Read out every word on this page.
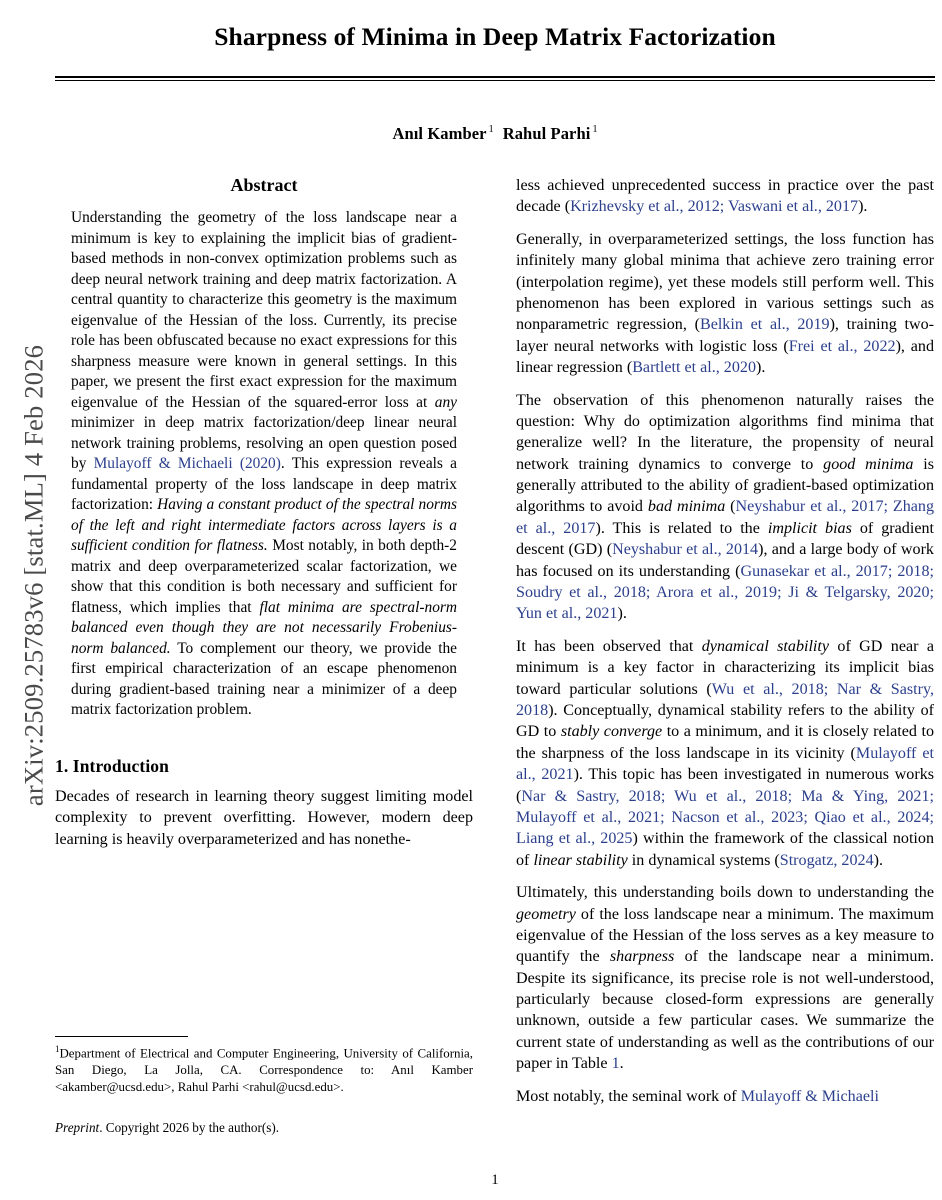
arXiv:2509.25783v6 [stat.ML] 4 Feb 2026
Sharpness of Minima in Deep Matrix Factorization
Anıl Kamber $^1$ Rahul Parhi $^1$
Abstract

Understanding the geometry of the loss landscape near a minimum is key to explaining the implicit bias of gradient-based methods in non-convex optimization problems such as deep neural network training and deep matrix factorization. A central quantity to characterize this geometry is the maximum eigenvalue of the Hessian of the loss. Currently, its precise role has been obfuscated because no exact expressions for this sharpness measure were known in general settings. In this paper, we present the first exact expression for the maximum eigenvalue of the Hessian of the squared-error loss at any minimizer in deep matrix factorization/deep linear neural network training problems, resolving an open question posed by Mulayoff & Michaeli (2020). This expression reveals a fundamental property of the loss landscape in deep matrix factorization: Having a constant product of the spectral norms of the left and right intermediate factors across layers is a sufficient condition for flatness. Most notably, in both depth-2 matrix and deep overparameterized scalar factorization, we show that this condition is both necessary and sufficient for flatness, which implies that flat minima are spectral-norm balanced even though they are not necessarily Frobenius-norm balanced. To complement our theory, we provide the first empirical characterization of an escape phenomenon during gradient-based training near a minimizer of a deep matrix factorization problem.

1. Introduction

Decades of research in learning theory suggest limiting model complexity to prevent overfitting. However, modern deep learning is heavily overparameterized and has nonethe-

less achieved unprecedented success in practice over the past decade (Krizhevsky et al., 2012; Vaswani et al., 2017).

Generally, in overparameterized settings, the loss function has infinitely many global minima that achieve zero training error (interpolation regime), yet these models still perform well. This phenomenon has been explored in various settings such as nonparametric regression, (Belkin et al., 2019), training two-layer neural networks with logistic loss (Frei et al., 2022), and linear regression (Bartlett et al., 2020).

The observation of this phenomenon naturally raises the question: Why do optimization algorithms find minima that generalize well? In the literature, the propensity of neural network training dynamics to converge to good minima is generally attributed to the ability of gradient-based optimization algorithms to avoid bad minima (Neyshabur et al., 2017; Zhang et al., 2017). This is related to the implicit bias of gradient descent (GD) (Neyshabur et al., 2014), and a large body of work has focused on its understanding (Gunasekar et al., 2017; 2018; Soudry et al., 2018; Arora et al., 2019; Ji & Telgarsky, 2020; Yun et al., 2021).

It has been observed that dynamical stability of GD near a minimum is a key factor in characterizing its implicit bias toward particular solutions (Wu et al., 2018; Nar & Sastry, 2018). Conceptually, dynamical stability refers to the ability of GD to stably converge to a minimum, and it is closely related to the sharpness of the loss landscape in its vicinity (Mulayoff et al., 2021). This topic has been investigated in numerous works (Nar & Sastry, 2018; Wu et al., 2018; Ma & Ying, 2021; Mulayoff et al., 2021; Nacson et al., 2023; Qiao et al., 2024; Liang et al., 2025) within the framework of the classical notion of linear stability in dynamical systems (Strogatz, 2024).

Ultimately, this understanding boils down to understanding the geometry of the loss landscape near a minimum. The maximum eigenvalue of the Hessian of the loss serves as a key measure to quantify the sharpness of the landscape near a minimum. Despite its significance, its precise role is not well-understood, particularly because closed-form expressions are generally unknown, outside a few particular cases. We summarize the current state of understanding as well as the contributions of our paper in Table 1.

Most notably, the seminal work of Mulayoff & Michaeli

$^1$Department of Electrical and Computer Engineering, University of California, San Diego, La Jolla, CA. Correspondence to: Anıl Kamber <akamber@ucsd.edu>, Rahul Parhi <rahul@ucsd.edu>.

Preprint. Copyright 2026 by the author(s).
1
